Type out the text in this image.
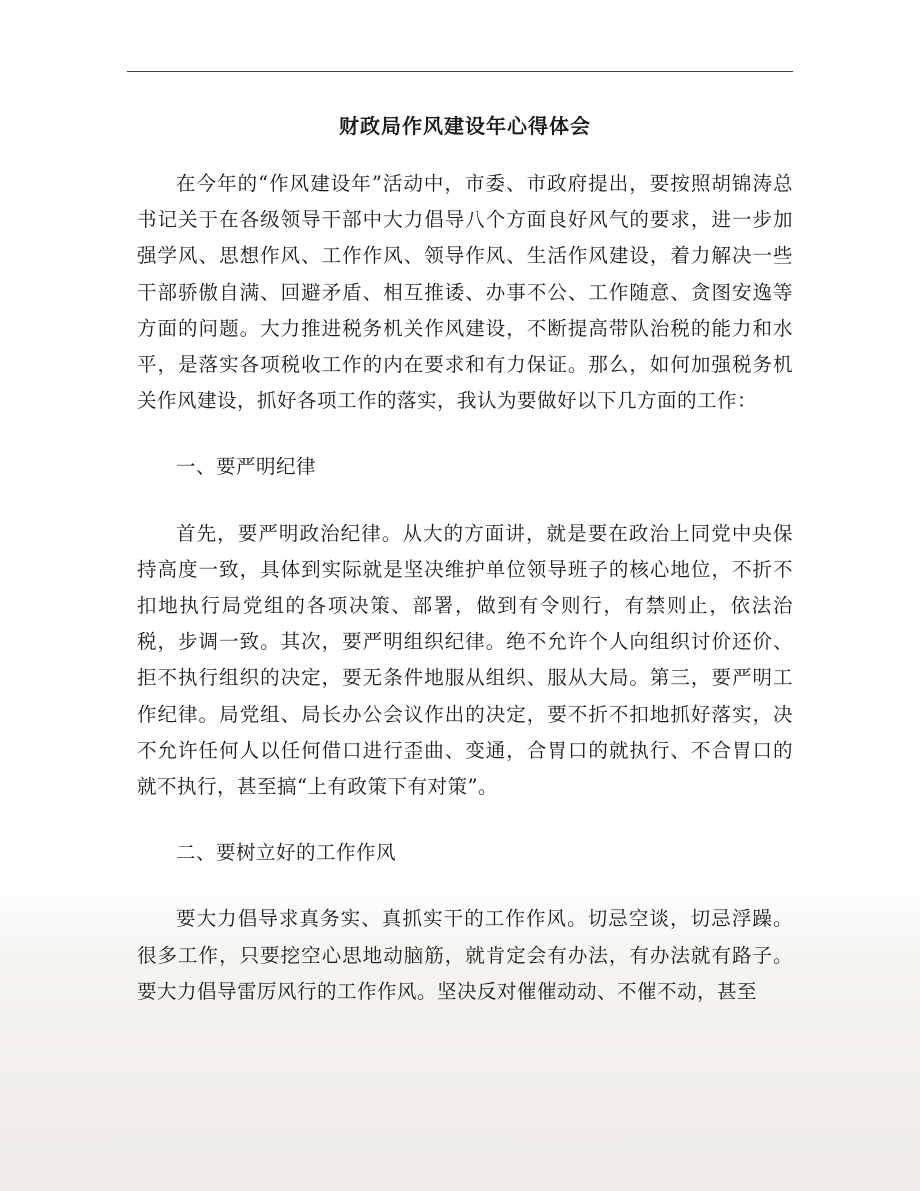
财政局作风建设年心得体会

在今年的“作风建设年”活动中，市委、市政府提出，要按照胡锦涛总书记关于在各级领导干部中大力倡导八个方面良好风气的要求，进一步加强学风、思想作风、工作作风、领导作风、生活作风建设，着力解决一些干部骄傲自满、回避矛盾、相互推诿、办事不公、工作随意、贪图安逸等方面的问题。大力推进税务机关作风建设，不断提高带队治税的能力和水平，是落实各项税收工作的内在要求和有力保证。那么，如何加强税务机关作风建设，抓好各项工作的落实，我认为要做好以下几方面的工作：

一、要严明纪律

首先，要严明政治纪律。从大的方面讲，就是要在政治上同党中央保持高度一致，具体到实际就是坚决维护单位领导班子的核心地位，不折不扣地执行局党组的各项决策、部署，做到有令则行，有禁则止，依法治税，步调一致。其次，要严明组织纪律。绝不允许个人向组织讨价还价、拒不执行组织的决定，要无条件地服从组织、服从大局。第三，要严明工作纪律。局党组、局长办公会议作出的决定，要不折不扣地抓好落实，决不允许任何人以任何借口进行歪曲、变通，合胃口的就执行、不合胃口的就不执行，甚至搞“上有政策下有对策”。

二、要树立好的工作作风

要大力倡导求真务实、真抓实干的工作作风。切忌空谈，切忌浮躁。很多工作，只要挖空心思地动脑筋，就肯定会有办法，有办法就有路子。要大力倡导雷厉风行的工作作风。坚决反对催催动动、不催不动，甚至
